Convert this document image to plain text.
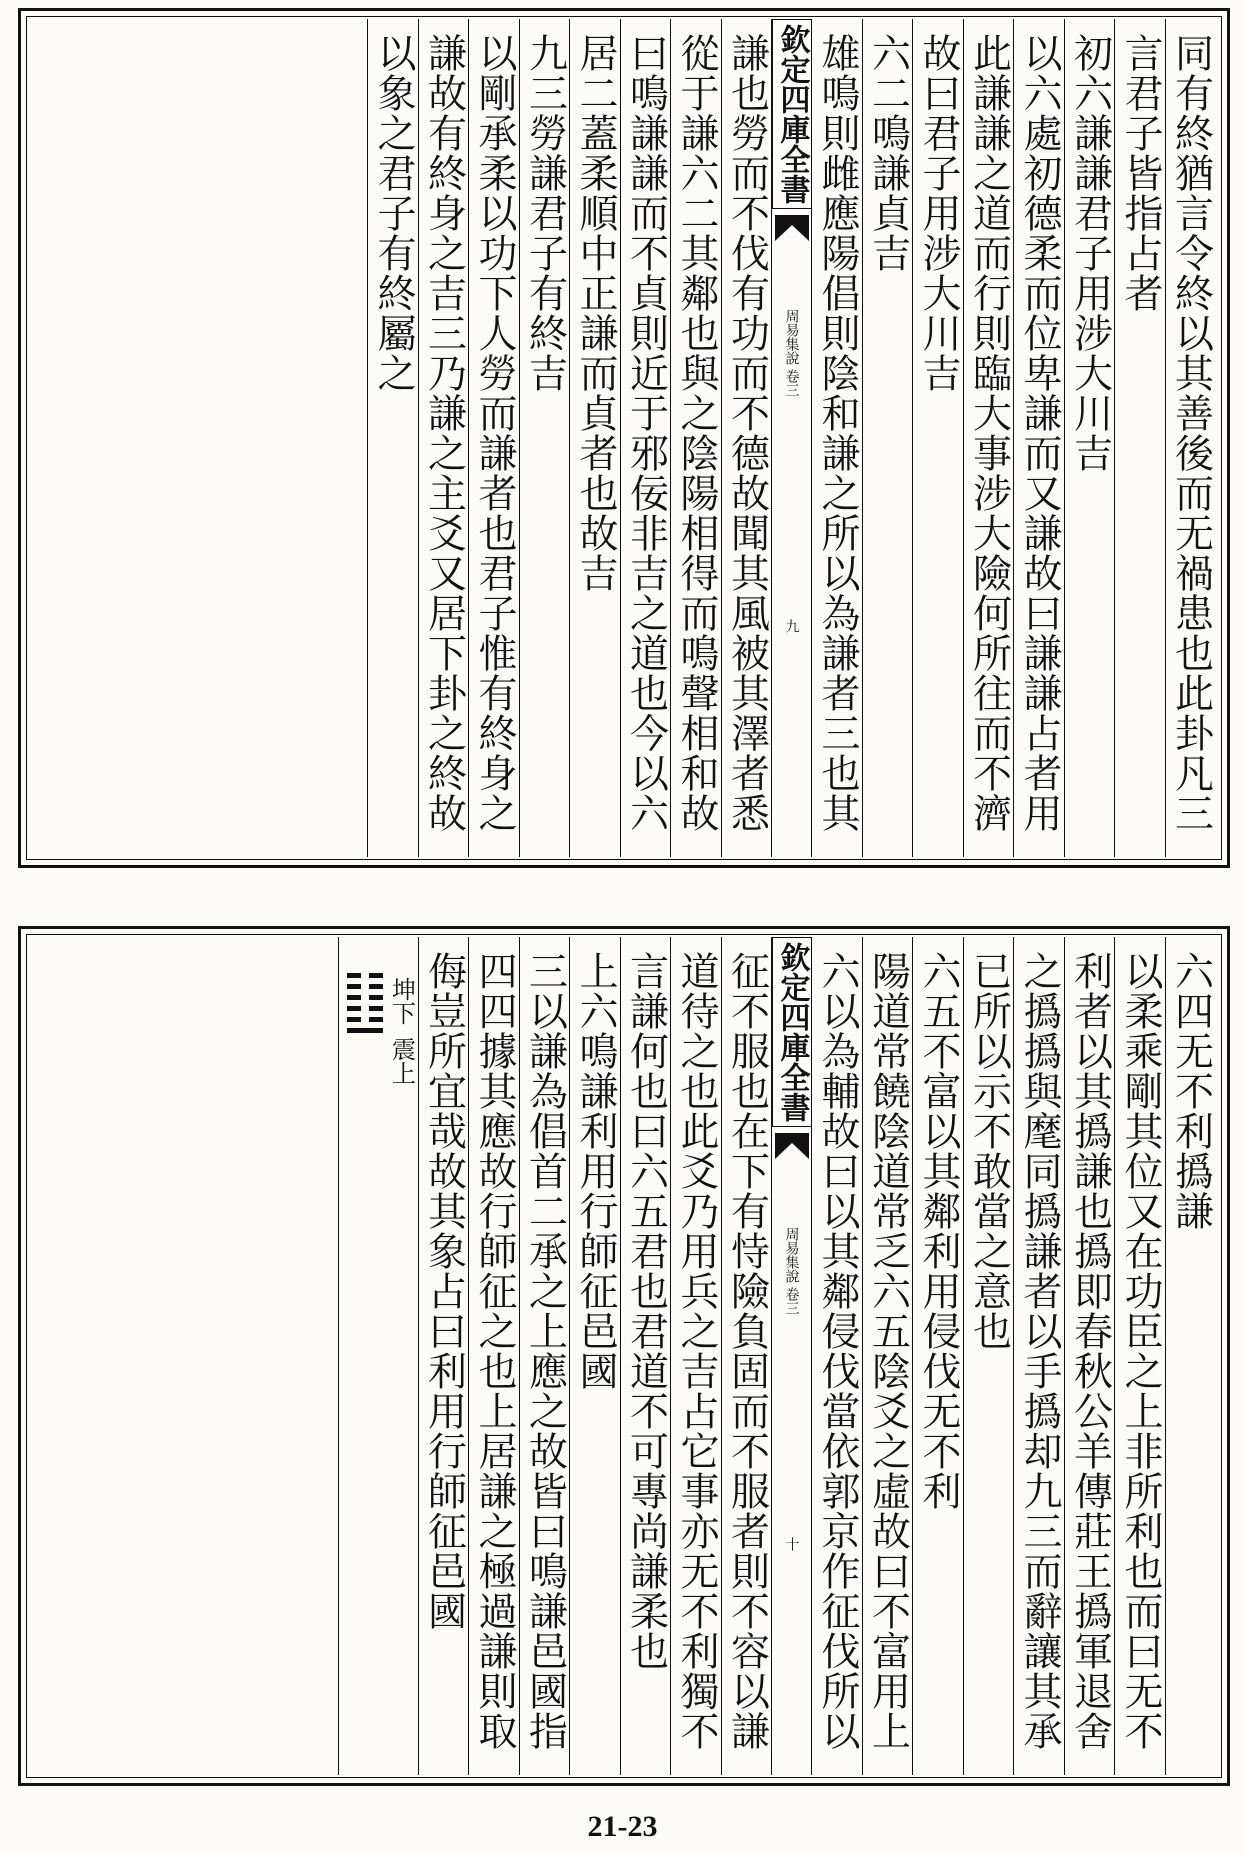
同有終猶言令終以其善後而无禍患也此卦凡三
言君子皆指占者
初六謙謙君子用涉大川吉
以六處初德柔而位卑謙而又謙故曰謙謙占者用
此謙謙之道而行則臨大事涉大險何所往而不濟
故曰君子用涉大川吉
六二鳴謙貞吉
雄鳴則雌應陽倡則陰和謙之所以為謙者三也其
欽定四庫全書
周易集說
卷三
九
謙也勞而不伐有功而不德故聞其風被其澤者悉
從于謙六二其鄰也與之陰陽相得而鳴聲相和故
曰鳴謙謙而不貞則近于邪佞非吉之道也今以六
居二蓋柔順中正謙而貞者也故吉
九三勞謙君子有終吉
以剛承柔以功下人勞而謙者也君子惟有終身之
謙故有終身之吉三乃謙之主爻又居下卦之終故
以象之君子有終屬之
六四无不利撝謙
以柔乘剛其位又在功臣之上非所利也而曰无不
利者以其撝謙也撝即春秋公羊傳莊王撝軍退舍
之撝撝與麾同撝謙者以手撝却九三而辭讓其承
已所以示不敢當之意也
六五不富以其鄰利用侵伐无不利
陽道常饒陰道常乏六五陰爻之虛故曰不富用上
六以為輔故曰以其鄰侵伐當依郭京作征伐所以
欽定四庫全書
周易集說
卷三
十
征不服也在下有恃險負固而不服者則不容以謙
道待之也此爻乃用兵之吉占它事亦无不利獨不
言謙何也曰六五君也君道不可專尚謙柔也
上六鳴謙利用行師征邑國
三以謙為倡首二承之上應之故皆曰鳴謙邑國指
四四據其應故行師征之也上居謙之極過謙則取
侮豈所宜哉故其象占曰利用行師征邑國
坤下
震上
21-23
